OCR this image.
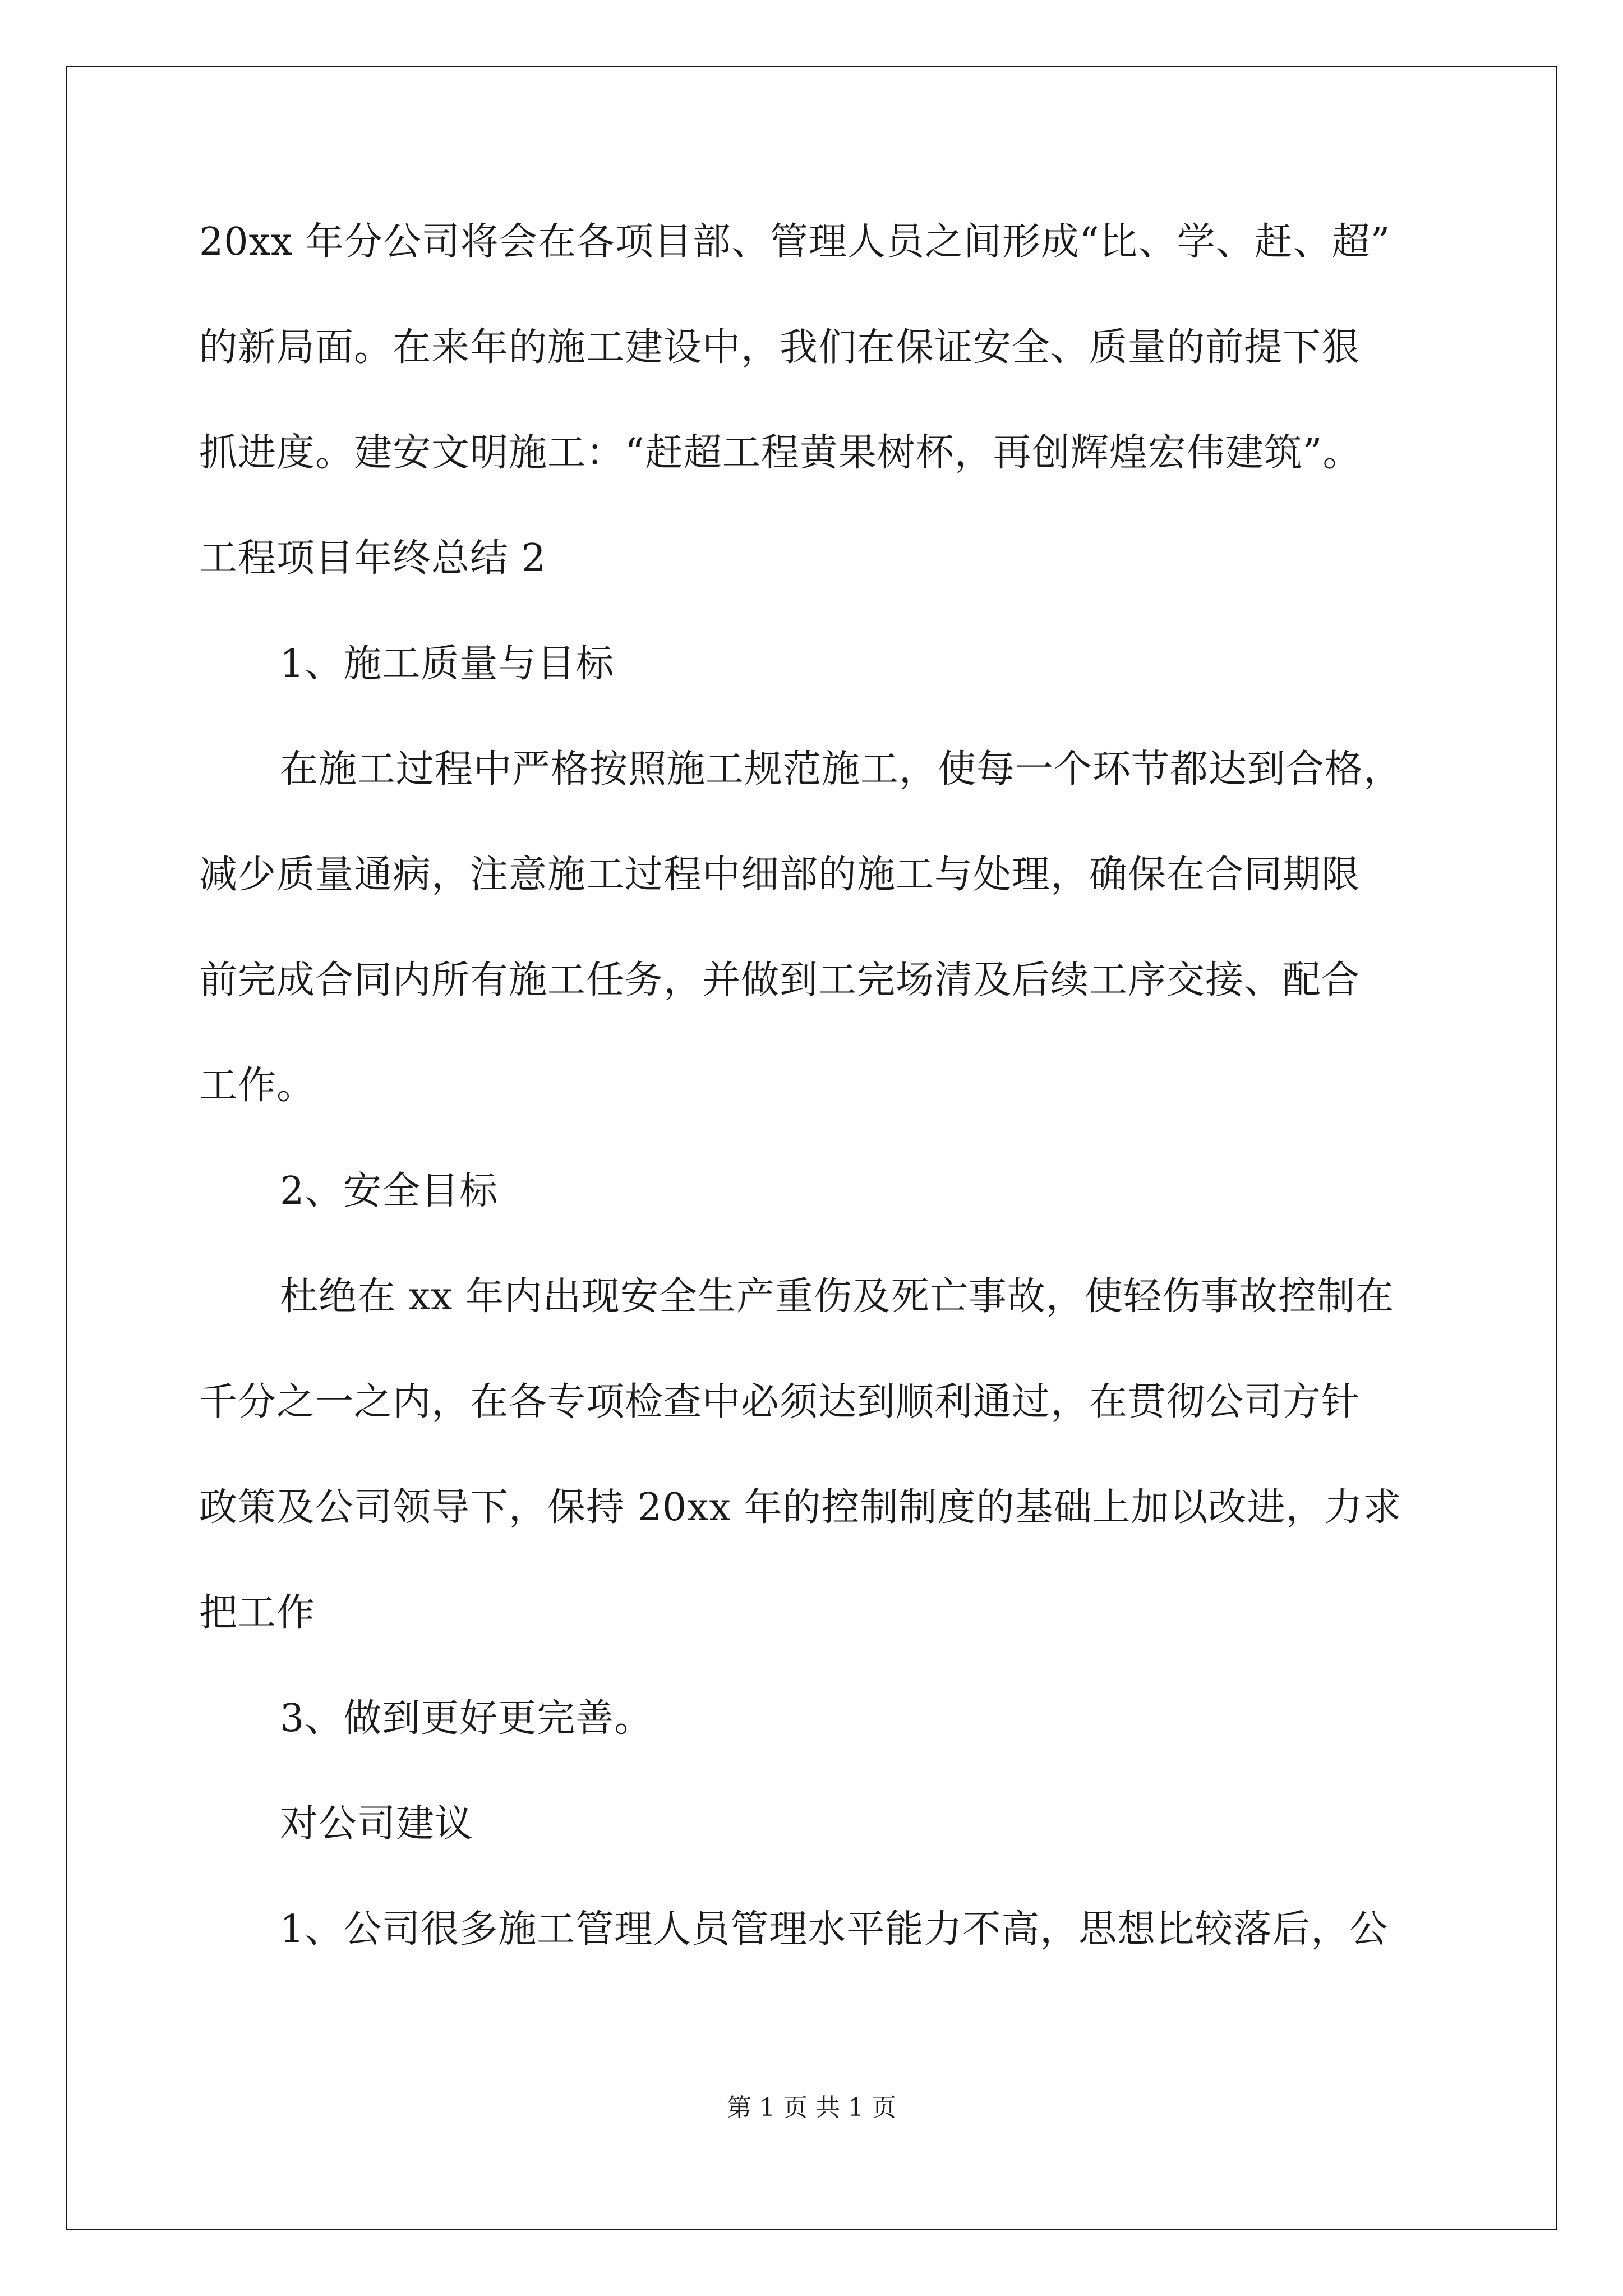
20xx 年分公司将会在各项目部、管理人员之间形成“比、学、赶、超”
的新局面。在来年的施工建设中，我们在保证安全、质量的前提下狠
抓进度。建安文明施工：“赶超工程黄果树杯，再创辉煌宏伟建筑”。
工程项目年终总结 2
1、施工质量与目标
在施工过程中严格按照施工规范施工，使每一个环节都达到合格，
减少质量通病，注意施工过程中细部的施工与处理，确保在合同期限
前完成合同内所有施工任务，并做到工完场清及后续工序交接、配合
工作。
2、安全目标
杜绝在 xx 年内出现安全生产重伤及死亡事故，使轻伤事故控制在
千分之一之内，在各专项检查中必须达到顺利通过，在贯彻公司方针
政策及公司领导下，保持 20xx 年的控制制度的基础上加以改进，力求
把工作
3、做到更好更完善。
对公司建议
1、公司很多施工管理人员管理水平能力不高，思想比较落后，公
第 1 页 共 1 页
